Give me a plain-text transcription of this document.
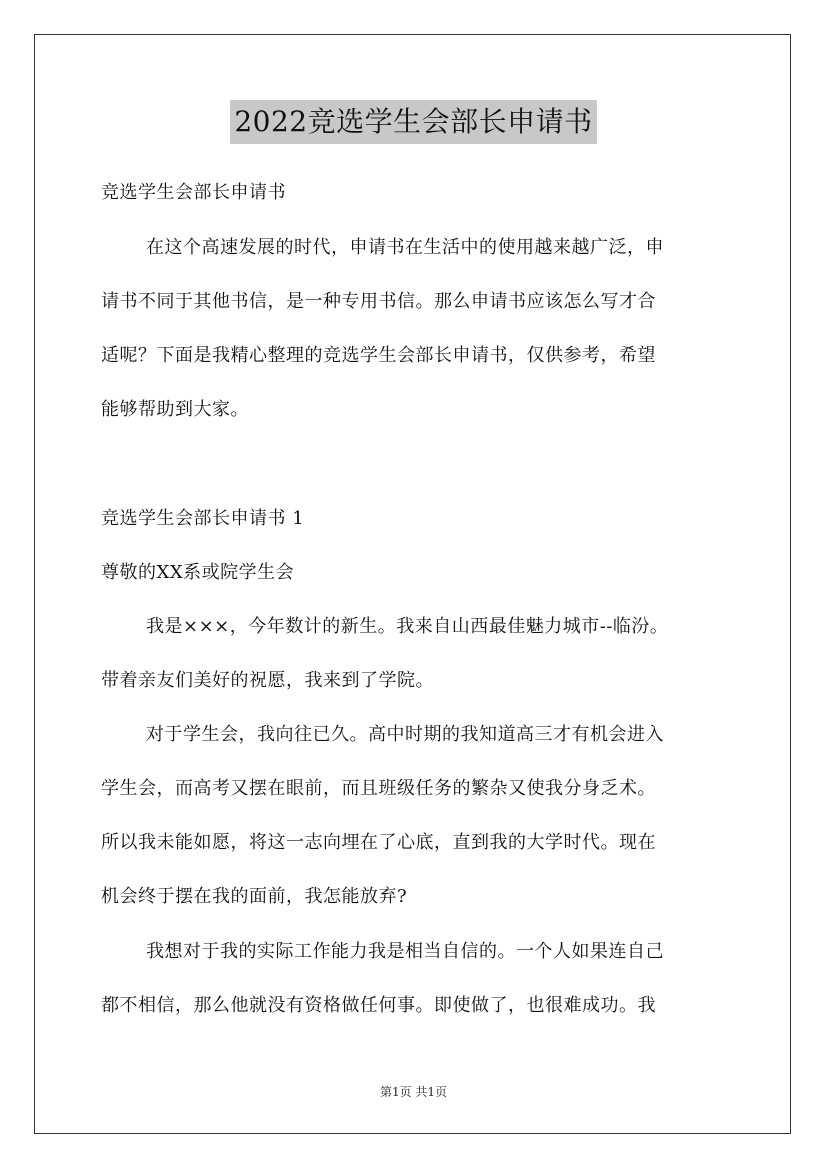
2022竞选学生会部长申请书
竞选学生会部长申请书
在这个高速发展的时代，申请书在生活中的使用越来越广泛，申
请书不同于其他书信，是一种专用书信。那么申请书应该怎么写才合
适呢？下面是我精心整理的竞选学生会部长申请书，仅供参考，希望
能够帮助到大家。
竞选学生会部长申请书 1
尊敬的XX系或院学生会
我是×××，今年数计的新生。我来自山西最佳魅力城市--临汾。
带着亲友们美好的祝愿，我来到了学院。
对于学生会，我向往已久。高中时期的我知道高三才有机会进入
学生会，而高考又摆在眼前，而且班级任务的繁杂又使我分身乏术。
所以我未能如愿，将这一志向埋在了心底，直到我的大学时代。现在
机会终于摆在我的面前，我怎能放弃?
我想对于我的实际工作能力我是相当自信的。一个人如果连自己
都不相信，那么他就没有资格做任何事。即使做了，也很难成功。我
第1页 共1页
